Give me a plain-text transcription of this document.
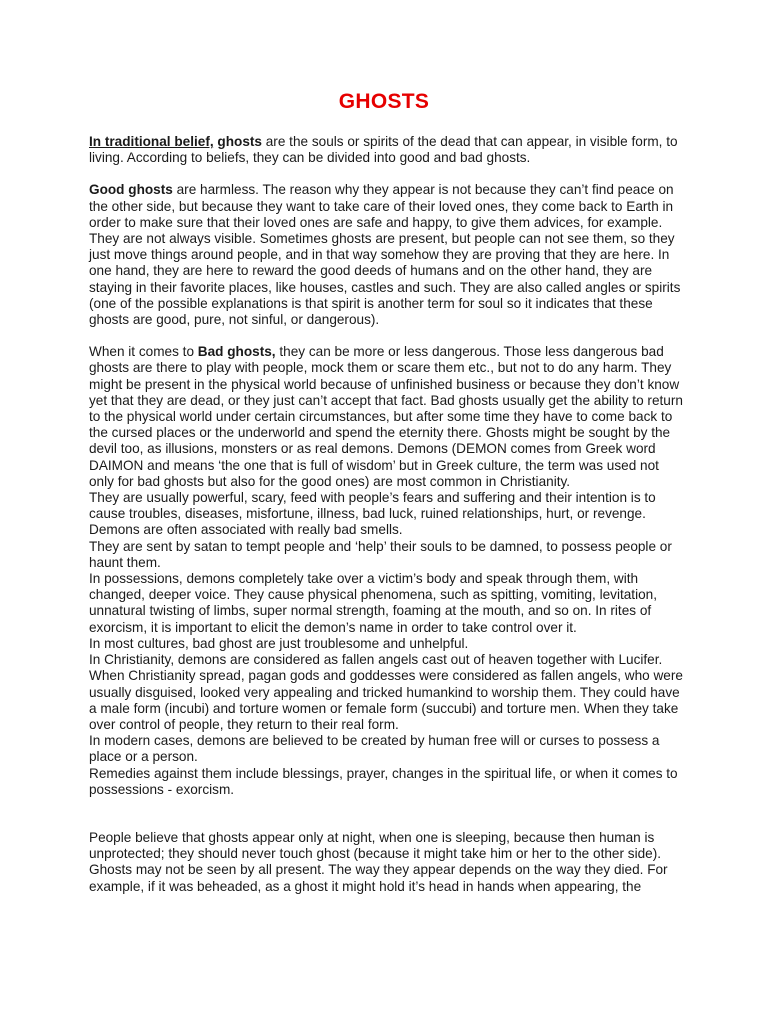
GHOSTS

In traditional belief, ghosts are the souls or spirits of the dead that can appear, in visible form, to living. According to beliefs, they can be divided into good and bad ghosts.

Good ghosts are harmless. The reason why they appear is not because they can’t find peace on the other side, but because they want to take care of their loved ones, they come back to Earth in order to make sure that their loved ones are safe and happy, to give them advices, for example. They are not always visible. Sometimes ghosts are present, but people can not see them, so they just move things around people, and in that way somehow they are proving that they are here. In one hand, they are here to reward the good deeds of humans and on the other hand, they are staying in their favorite places, like houses, castles and such. They are also called angles or spirits (one of the possible explanations is that spirit is another term for soul so it indicates that these ghosts are good, pure, not sinful, or dangerous).

When it comes to Bad ghosts, they can be more or less dangerous. Those less dangerous bad ghosts are there to play with people, mock them or scare them etc., but not to do any harm. They might be present in the physical world because of unfinished business or because they don’t know yet that they are dead, or they just can’t accept that fact. Bad ghosts usually get the ability to return to the physical world under certain circumstances, but after some time they have to come back to the cursed places or the underworld and spend the eternity there. Ghosts might be sought by the devil too, as illusions, monsters or as real demons. Demons (DEMON comes from Greek word DAIMON and means ‘the one that is full of wisdom’ but in Greek culture, the term was used not only for bad ghosts but also for the good ones) are most common in Christianity.

They are usually powerful, scary, feed with people’s fears and suffering and their intention is to cause troubles, diseases, misfortune, illness, bad luck, ruined relationships, hurt, or revenge. Demons are often associated with really bad smells.

They are sent by satan to tempt people and ‘help’ their souls to be damned, to possess people or haunt them.

In possessions, demons completely take over a victim’s body and speak through them, with changed, deeper voice. They cause physical phenomena, such as spitting, vomiting, levitation, unnatural twisting of limbs, super normal strength, foaming at the mouth, and so on. In rites of exorcism, it is important to elicit the demon’s name in order to take control over it.

In most cultures, bad ghost are just troublesome and unhelpful.

In Christianity, demons are considered as fallen angels cast out of heaven together with Lucifer. When Christianity spread, pagan gods and goddesses were considered as fallen angels, who were usually disguised, looked very appealing and tricked humankind to worship them. They could have a male form (incubi) and torture women or female form (succubi) and torture men. When they take over control of people, they return to their real form.

In modern cases, demons are believed to be created by human free will or curses to possess a place or a person.

Remedies against them include blessings, prayer, changes in the spiritual life, or when it comes to possessions - exorcism.

People believe that ghosts appear only at night, when one is sleeping, because then human is unprotected; they should never touch ghost (because it might take him or her to the other side). Ghosts may not be seen by all present. The way they appear depends on the way they died. For example, if it was beheaded, as a ghost it might hold it’s head in hands when appearing, the
